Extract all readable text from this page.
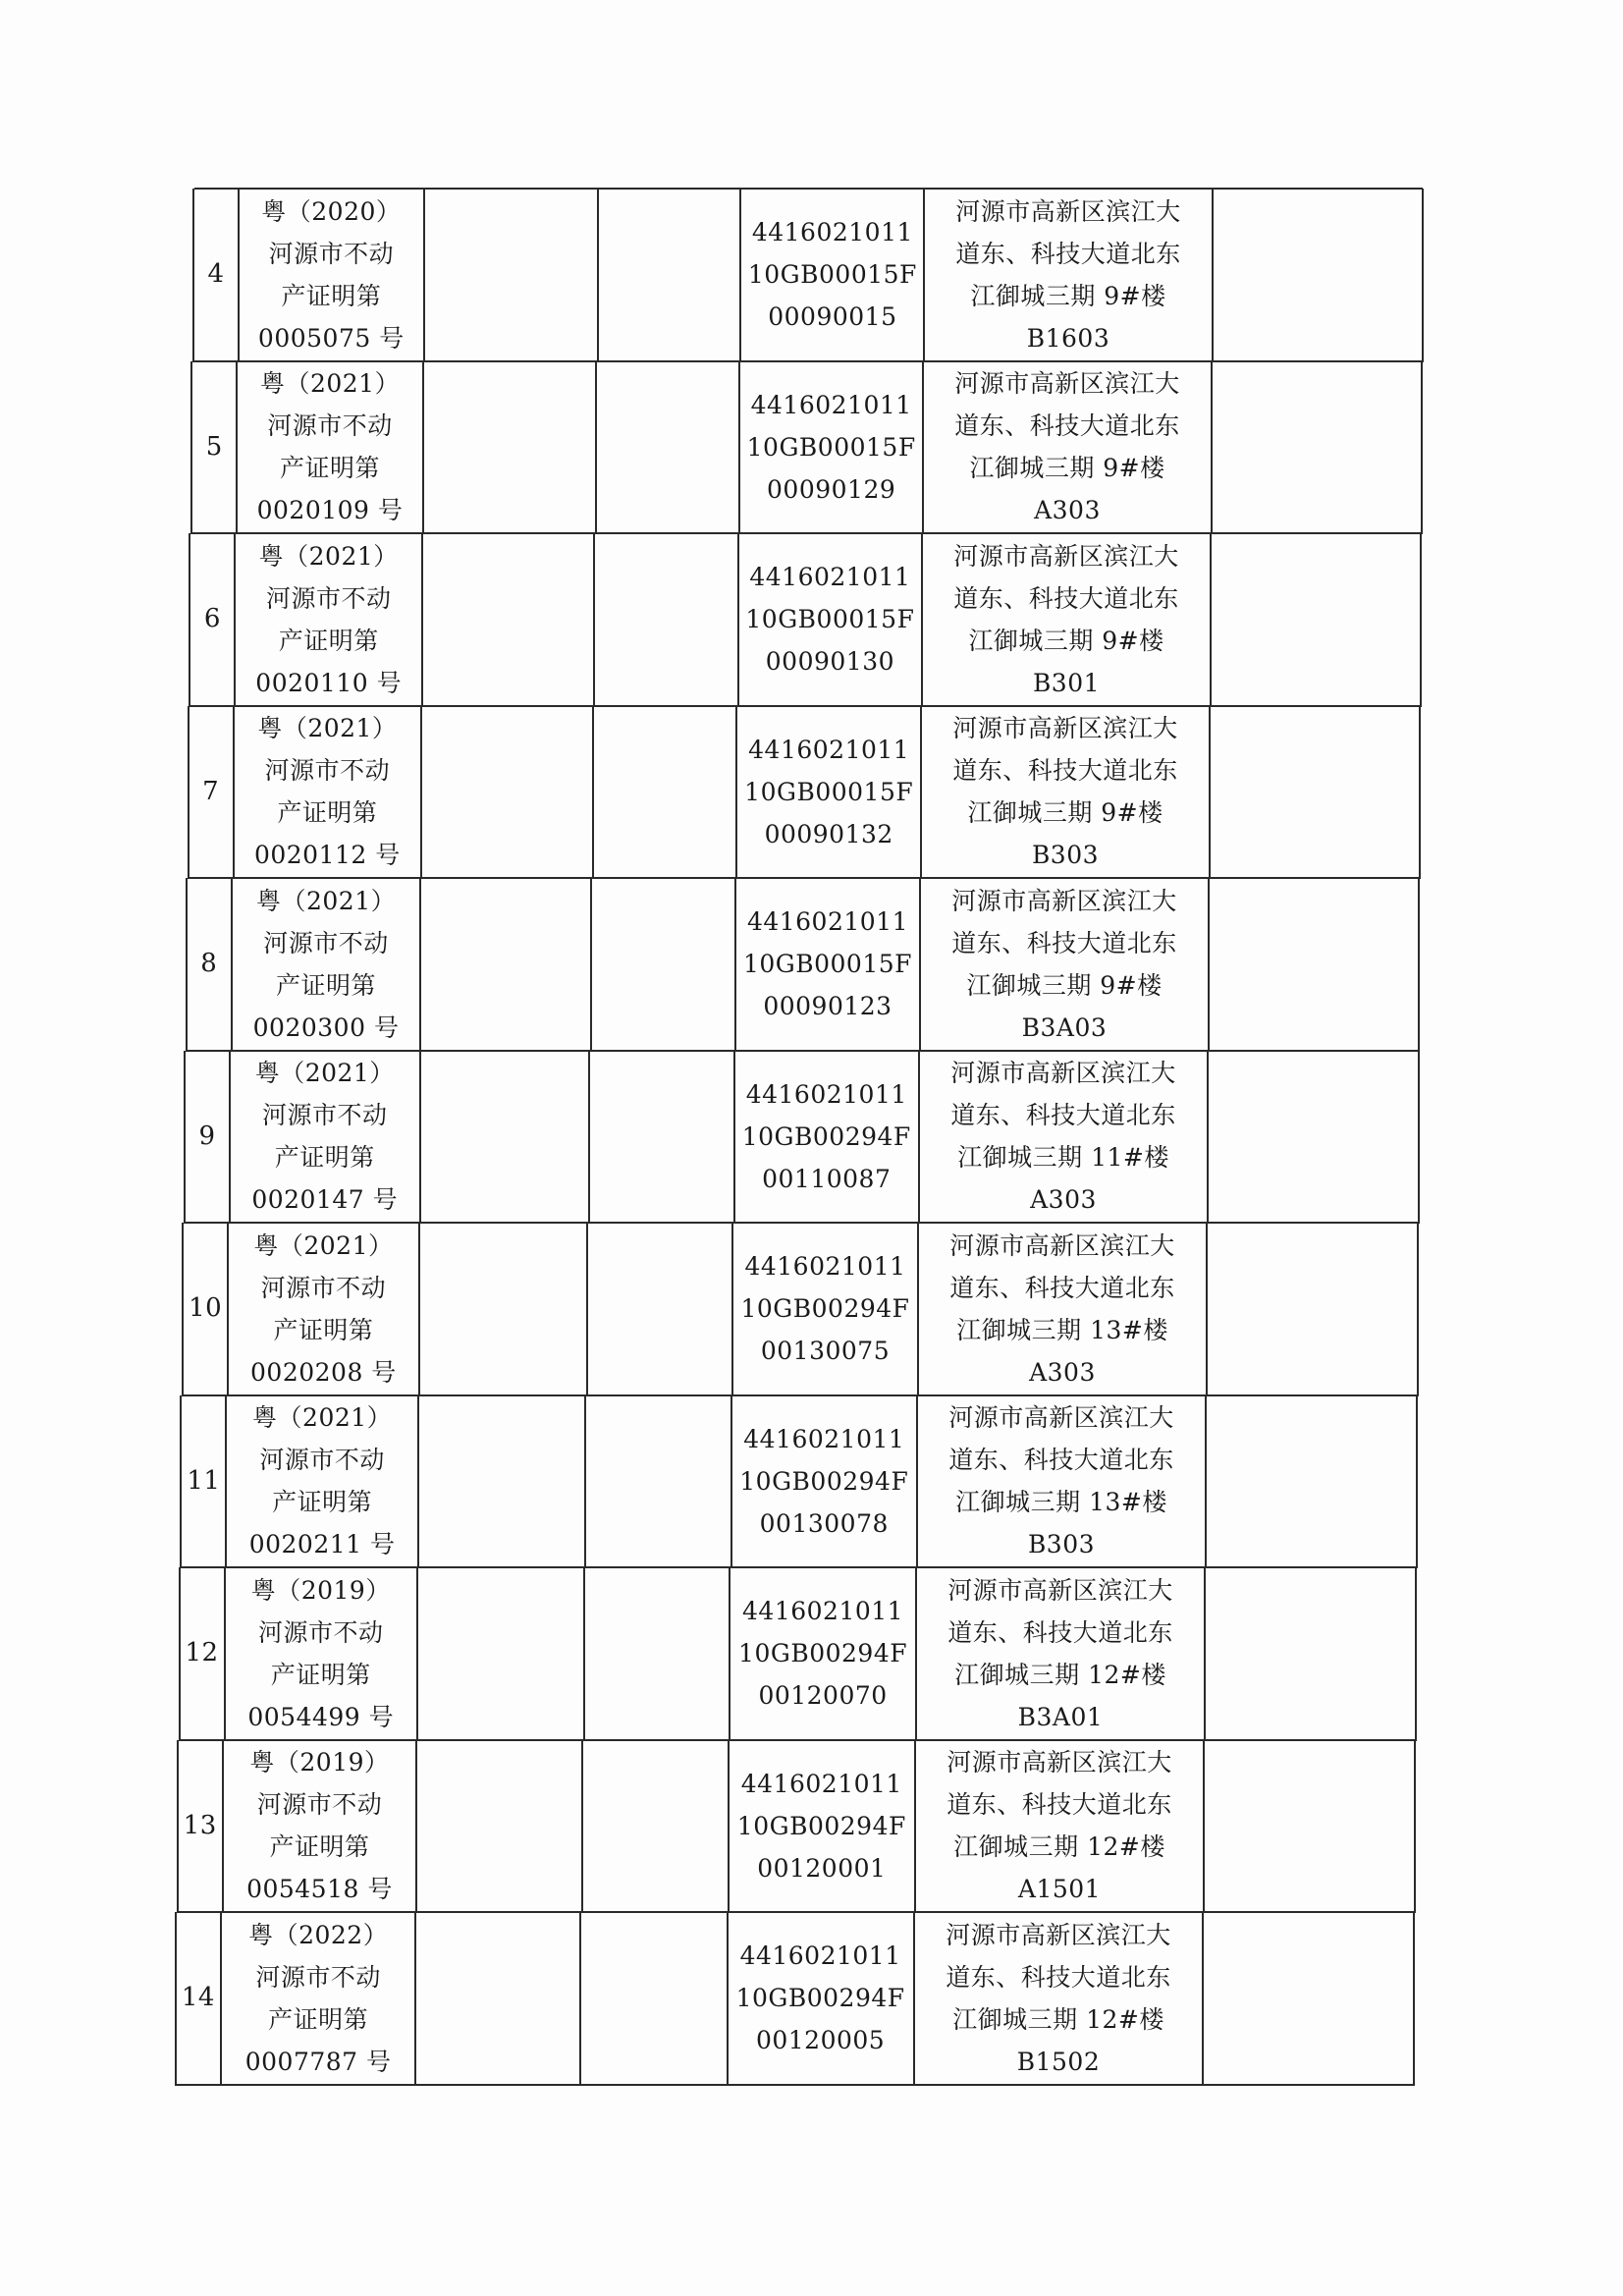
4
粤（2020）
河源市不动
产证明第
0005075 号
4416021011
10GB00015F
00090015
河源市高新区滨江大
道东、科技大道北东
江御城三期 9#楼
B1603
5
粤（2021）
河源市不动
产证明第
0020109 号
4416021011
10GB00015F
00090129
河源市高新区滨江大
道东、科技大道北东
江御城三期 9#楼
A303
6
粤（2021）
河源市不动
产证明第
0020110 号
4416021011
10GB00015F
00090130
河源市高新区滨江大
道东、科技大道北东
江御城三期 9#楼
B301
7
粤（2021）
河源市不动
产证明第
0020112 号
4416021011
10GB00015F
00090132
河源市高新区滨江大
道东、科技大道北东
江御城三期 9#楼
B303
8
粤（2021）
河源市不动
产证明第
0020300 号
4416021011
10GB00015F
00090123
河源市高新区滨江大
道东、科技大道北东
江御城三期 9#楼
B3A03
9
粤（2021）
河源市不动
产证明第
0020147 号
4416021011
10GB00294F
00110087
河源市高新区滨江大
道东、科技大道北东
江御城三期 11#楼
A303
10
粤（2021）
河源市不动
产证明第
0020208 号
4416021011
10GB00294F
00130075
河源市高新区滨江大
道东、科技大道北东
江御城三期 13#楼
A303
11
粤（2021）
河源市不动
产证明第
0020211 号
4416021011
10GB00294F
00130078
河源市高新区滨江大
道东、科技大道北东
江御城三期 13#楼
B303
12
粤（2019）
河源市不动
产证明第
0054499 号
4416021011
10GB00294F
00120070
河源市高新区滨江大
道东、科技大道北东
江御城三期 12#楼
B3A01
13
粤（2019）
河源市不动
产证明第
0054518 号
4416021011
10GB00294F
00120001
河源市高新区滨江大
道东、科技大道北东
江御城三期 12#楼
A1501
14
粤（2022）
河源市不动
产证明第
0007787 号
4416021011
10GB00294F
00120005
河源市高新区滨江大
道东、科技大道北东
江御城三期 12#楼
B1502
